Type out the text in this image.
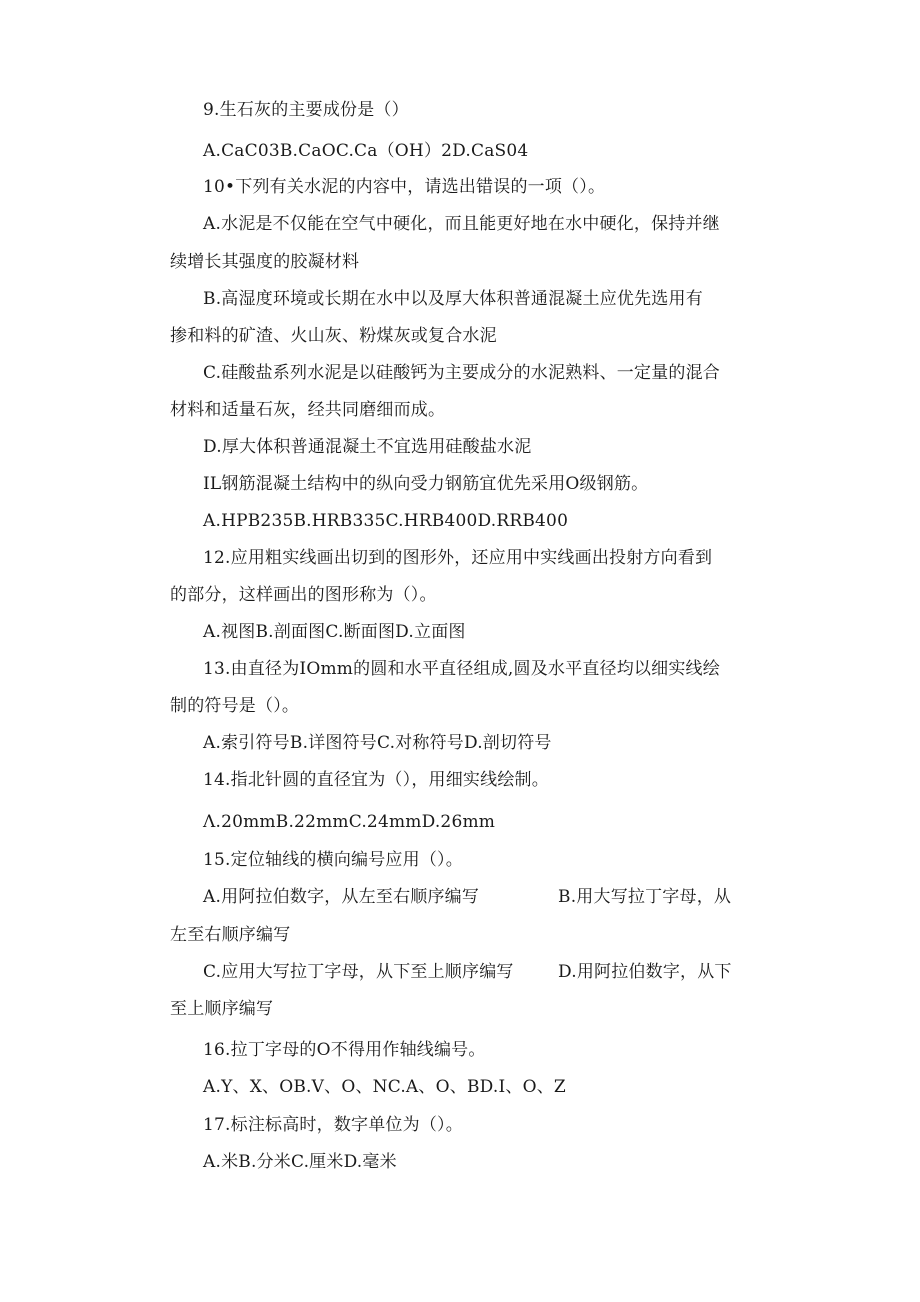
9.生石灰的主要成份是（）
A.CaC03B.CaOC.Ca（OH）2D.CaS04
10•下列有关水泥的内容中，请选出错误的一项（）。
A.水泥是不仅能在空气中硬化，而且能更好地在水中硬化，保持并继
续增长其强度的胶凝材料
B.高湿度环境或长期在水中以及厚大体积普通混凝土应优先选用有
掺和料的矿渣、火山灰、粉煤灰或复合水泥
C.硅酸盐系列水泥是以硅酸钙为主要成分的水泥熟料、一定量的混合
材料和适量石灰，经共同磨细而成。
D.厚大体积普通混凝土不宜选用硅酸盐水泥
IL钢筋混凝土结构中的纵向受力钢筋宜优先采用O级钢筋。
A.HPB235B.HRB335C.HRB400D.RRB400
12.应用粗实线画出切到的图形外，还应用中实线画出投射方向看到
的部分，这样画出的图形称为（）。
A.视图B.剖面图C.断面图D.立面图
13.由直径为IOmm的圆和水平直径组成,圆及水平直径均以细实线绘
制的符号是（）。
A.索引符号B.详图符号C.对称符号D.剖切符号
14.指北针圆的直径宜为（），用细实线绘制。
Λ.20mmB.22mmC.24mmD.26mm
15.定位轴线的横向编号应用（）。
A.用阿拉伯数字，从左至右顺序编写	B.用大写拉丁字母，从
左至右顺序编写
C.应用大写拉丁字母，从下至上顺序编写	D.用阿拉伯数字，从下
至上顺序编写
16.拉丁字母的O不得用作轴线编号。
A.Y、X、OB.V、O、NC.A、O、BD.I、O、Z
17.标注标高时，数字单位为（）。
A.米B.分米C.厘米D.毫米
